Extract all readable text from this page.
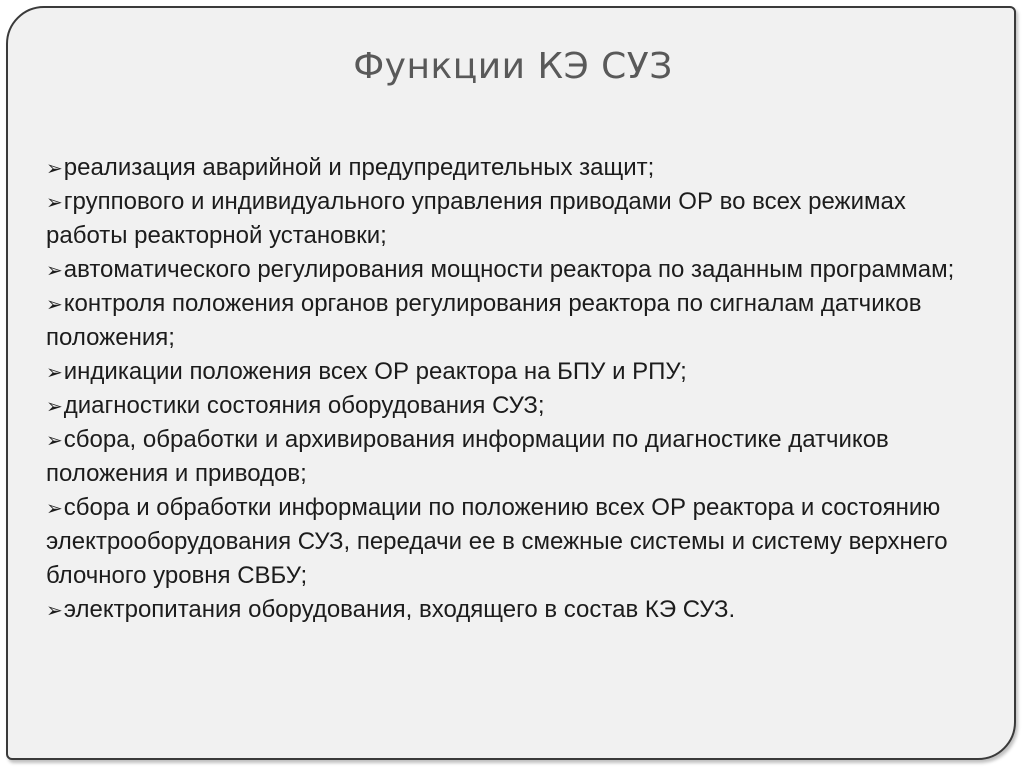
Функции КЭ СУЗ
➢реализация аварийной и предупредительных защит;
➢группового и индивидуального управления приводами ОР во всех режимах работы реакторной установки;
➢автоматического регулирования мощности реактора по заданным программам;
➢контроля положения органов регулирования реактора по сигналам датчиков положения;
➢индикации положения всех ОР реактора на БПУ и РПУ;
➢диагностики состояния оборудования СУЗ;
➢сбора, обработки и архивирования информации по диагностике датчиков положения и приводов;
➢сбора и обработки информации по положению всех ОР реактора и состоянию электрооборудования СУЗ, передачи ее в смежные системы и систему верхнего блочного уровня СВБУ;
➢электропитания оборудования, входящего в состав КЭ СУЗ.
